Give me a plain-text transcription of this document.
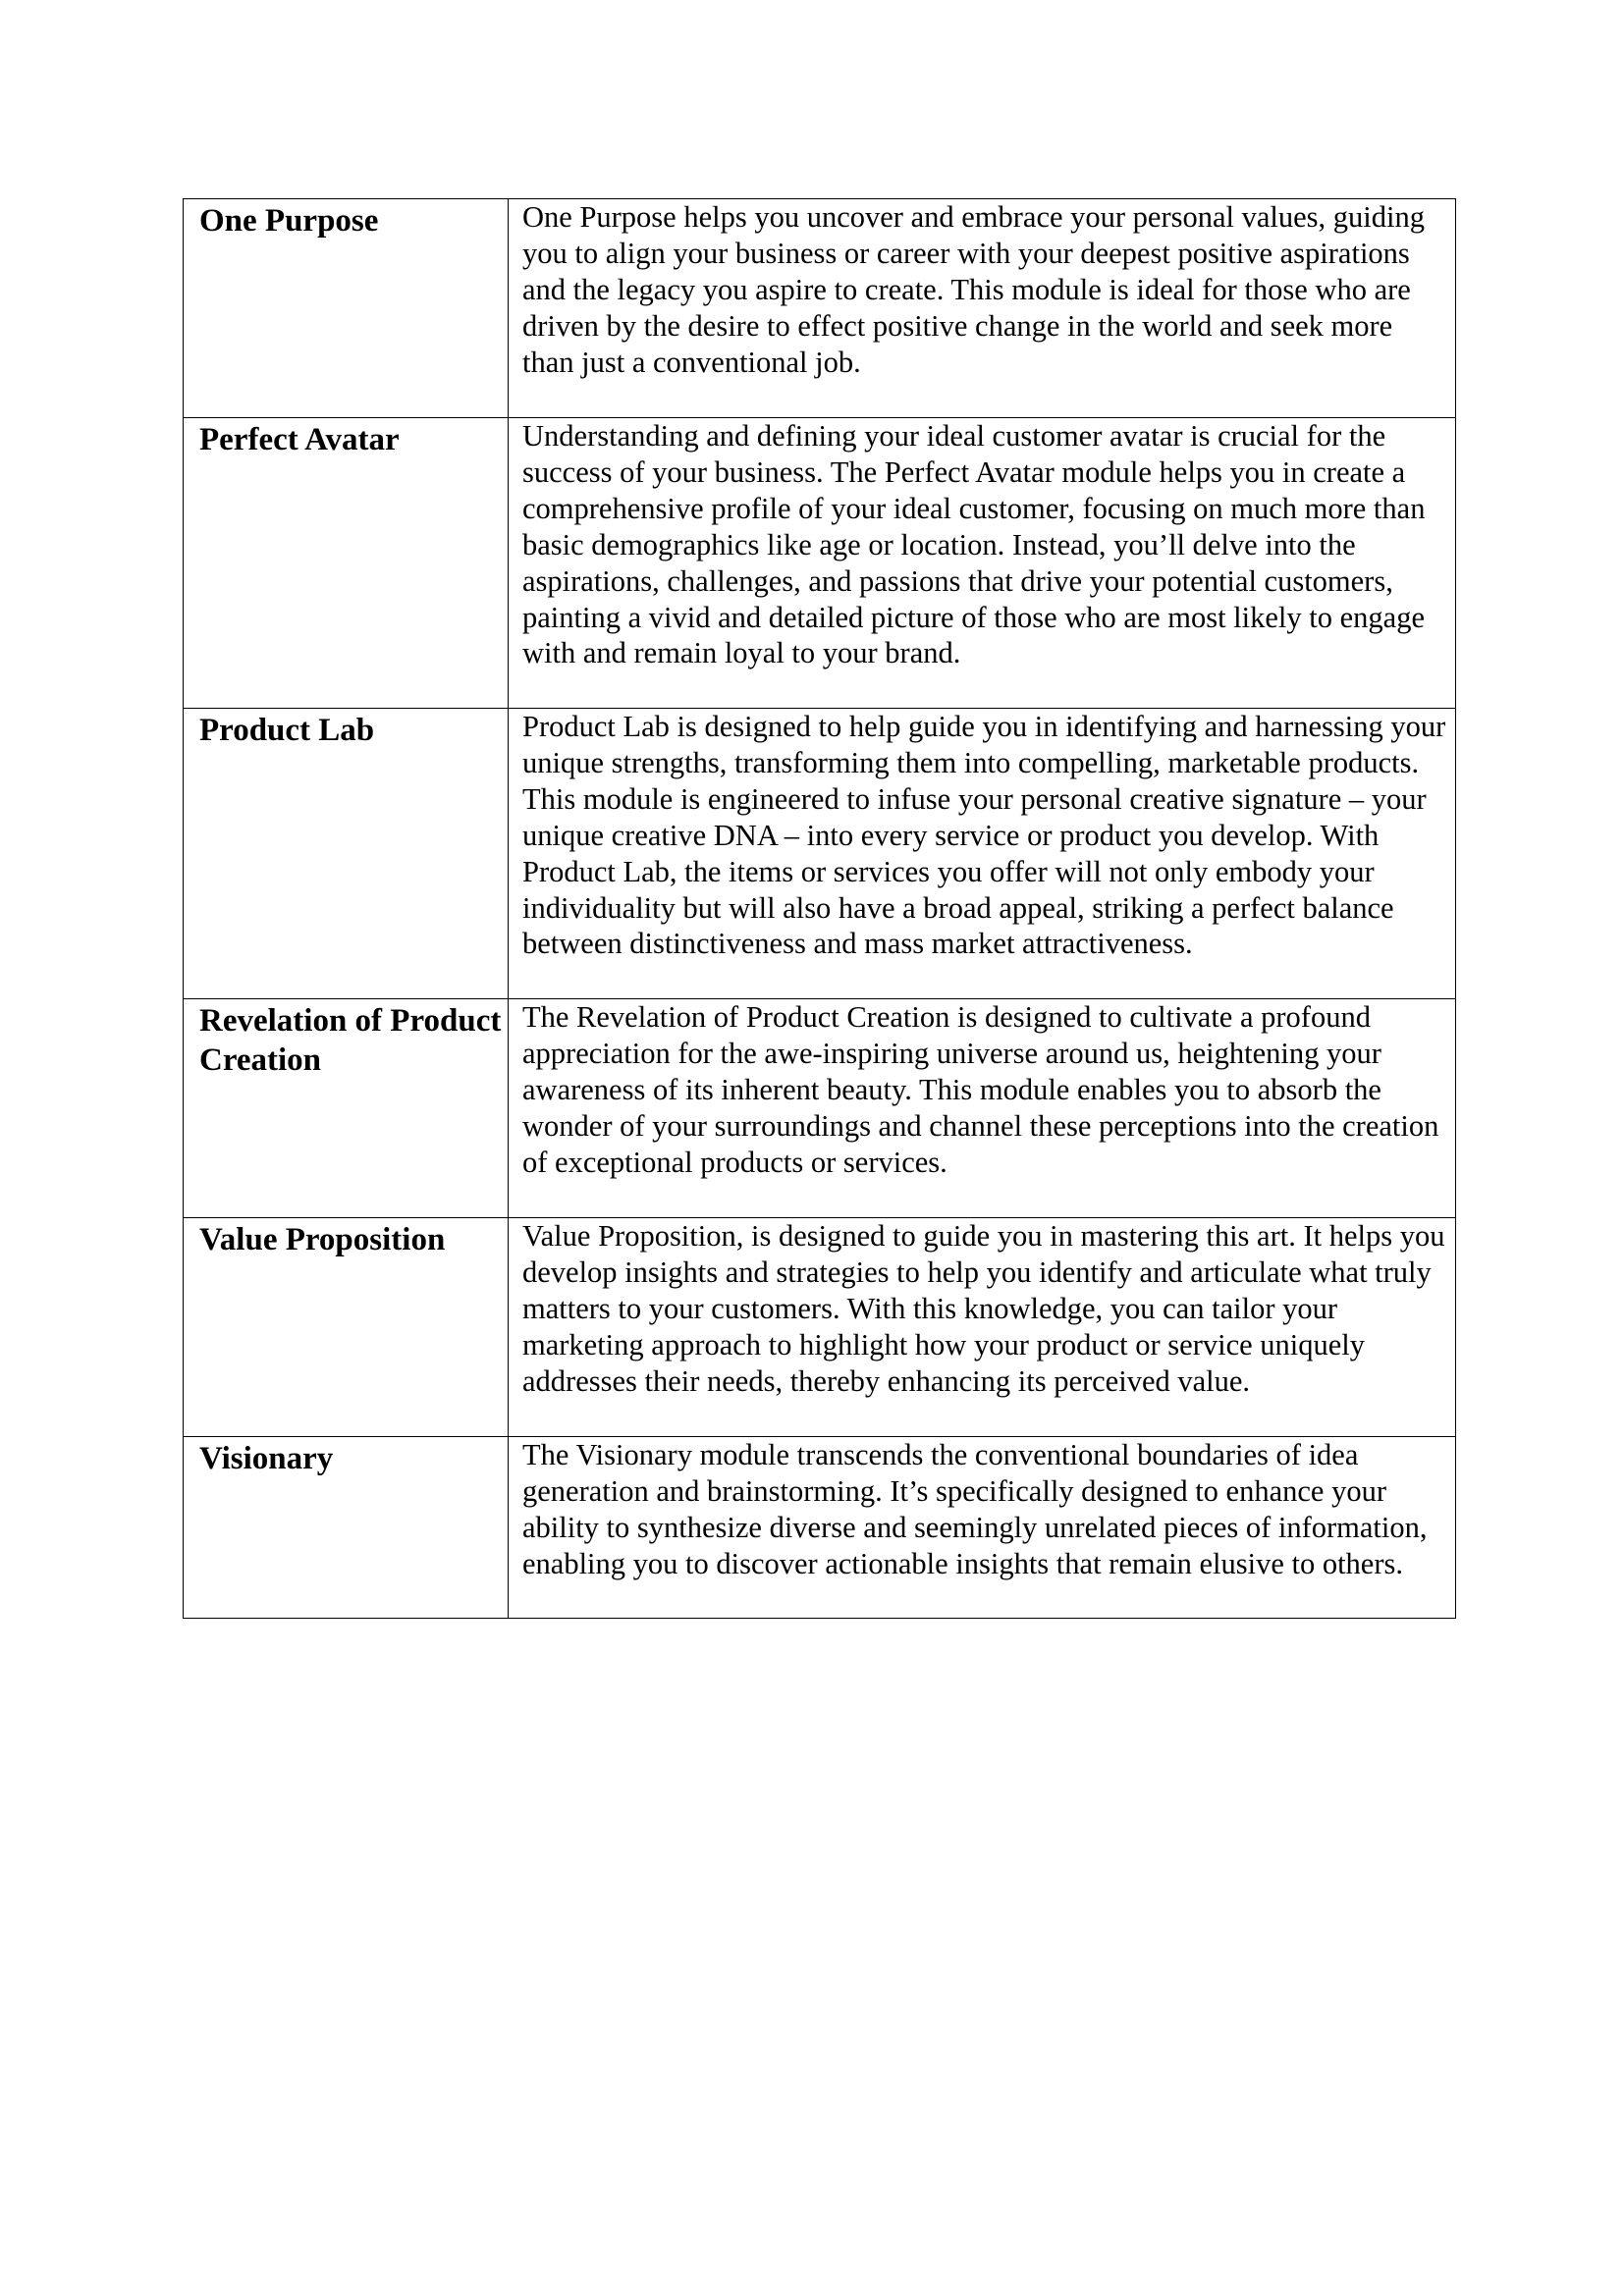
One Purpose	One Purpose helps you uncover and embrace your personal values, guiding you to align your business or career with your deepest positive aspirations and the legacy you aspire to create. This module is ideal for those who are driven by the desire to effect positive change in the world and seek more than just a conventional job.

Perfect Avatar	Understanding and defining your ideal customer avatar is crucial for the success of your business. The Perfect Avatar module helps you in create a comprehensive profile of your ideal customer, focusing on much more than basic demographics like age or location. Instead, you’ll delve into the aspirations, challenges, and passions that drive your potential customers, painting a vivid and detailed picture of those who are most likely to engage with and remain loyal to your brand.

Product Lab	Product Lab is designed to help guide you in identifying and harnessing your unique strengths, transforming them into compelling, marketable products. This module is engineered to infuse your personal creative signature – your unique creative DNA – into every service or product you develop. With Product Lab, the items or services you offer will not only embody your individuality but will also have a broad appeal, striking a perfect balance between distinctiveness and mass market attractiveness.

Revelation of Product Creation	The Revelation of Product Creation is designed to cultivate a profound appreciation for the awe-inspiring universe around us, heightening your awareness of its inherent beauty. This module enables you to absorb the wonder of your surroundings and channel these perceptions into the creation of exceptional products or services.

Value Proposition	Value Proposition, is designed to guide you in mastering this art. It helps you develop insights and strategies to help you identify and articulate what truly matters to your customers. With this knowledge, you can tailor your marketing approach to highlight how your product or service uniquely addresses their needs, thereby enhancing its perceived value.

Visionary	The Visionary module transcends the conventional boundaries of idea generation and brainstorming. It’s specifically designed to enhance your ability to synthesize diverse and seemingly unrelated pieces of information, enabling you to discover actionable insights that remain elusive to others.
